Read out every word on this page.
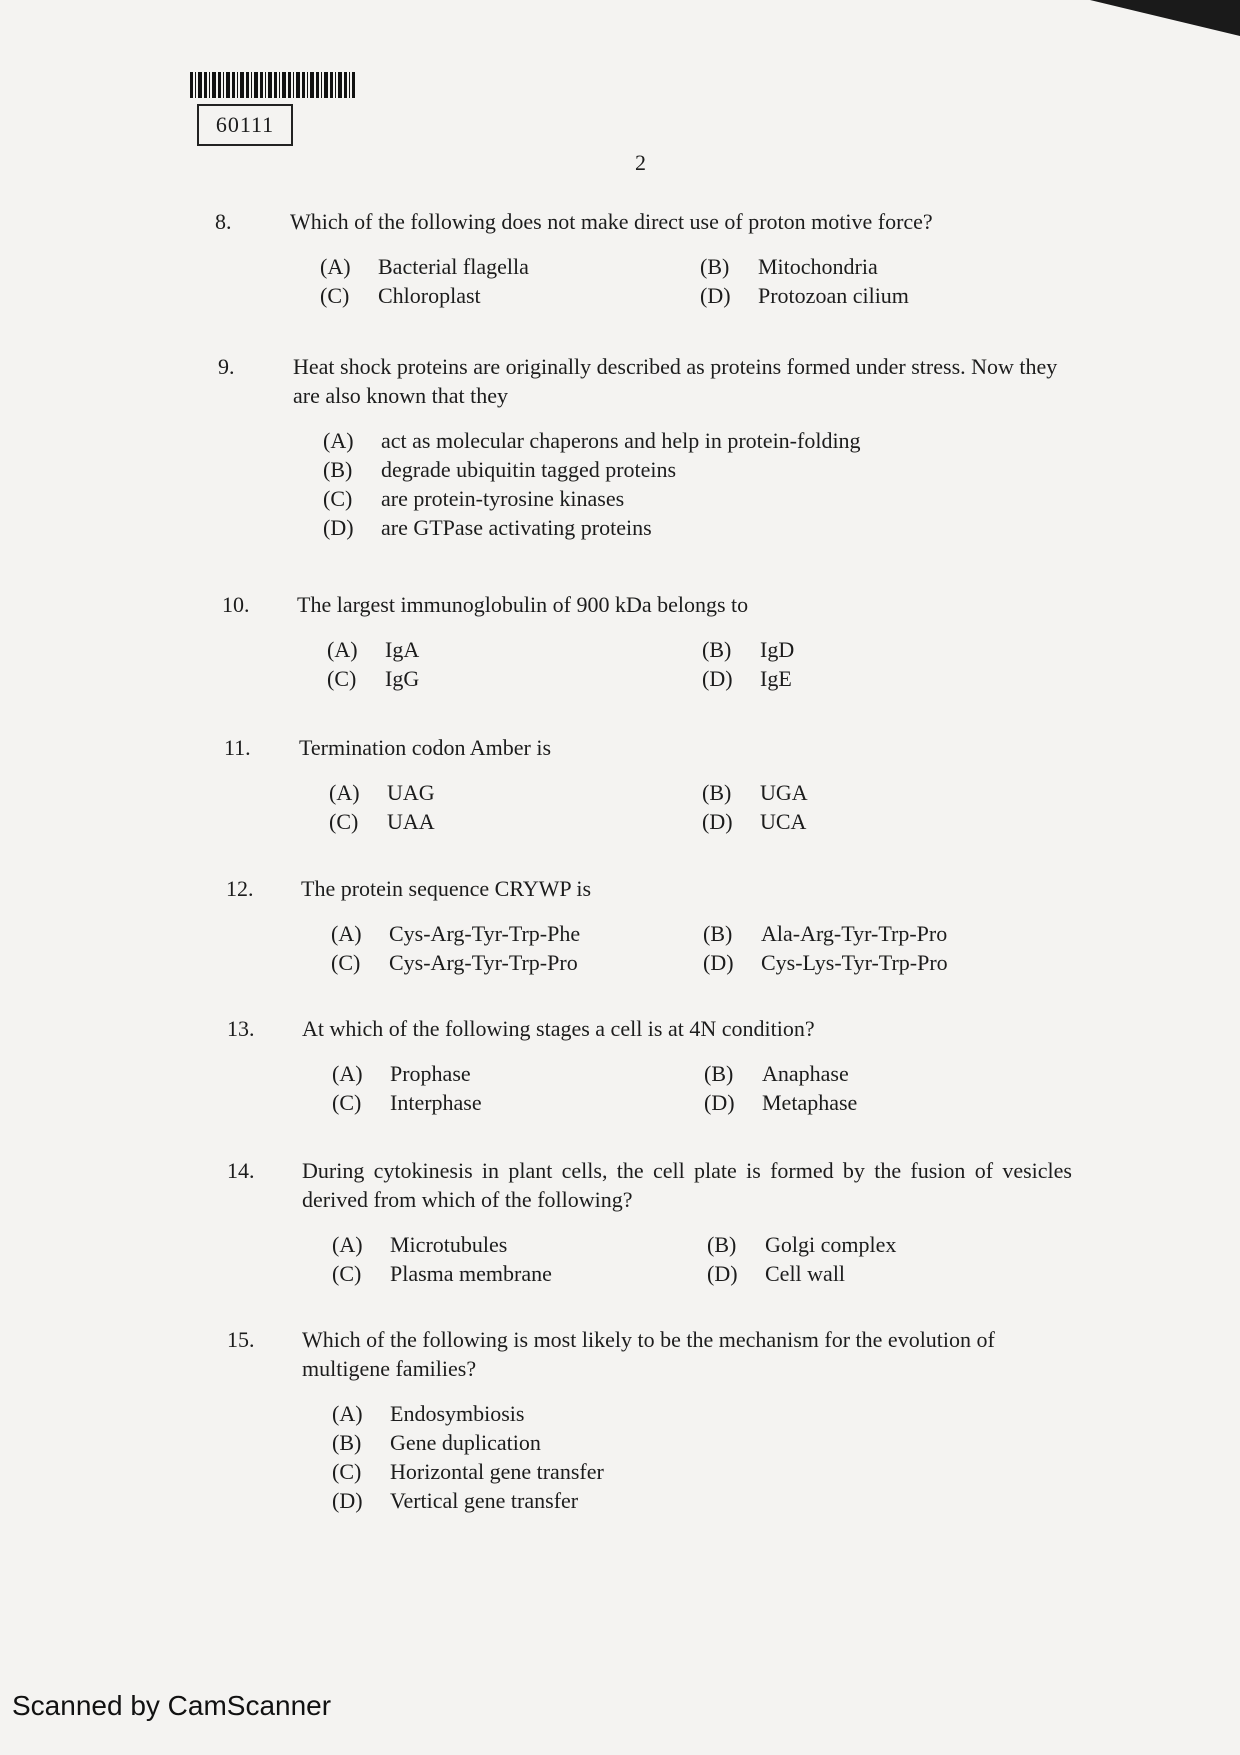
60111
2
8.	Which of the following does not make direct use of proton motive force?
(A) Bacterial flagella	(B) Mitochondria
(C) Chloroplast	(D) Protozoan cilium
9.	Heat shock proteins are originally described as proteins formed under stress. Now they are also known that they
(A) act as molecular chaperons and help in protein-folding
(B) degrade ubiquitin tagged proteins
(C) are protein-tyrosine kinases
(D) are GTPase activating proteins
10. The largest immunoglobulin of 900 kDa belongs to
(A) IgA	(B) IgD
(C) IgG	(D) IgE
11. Termination codon Amber is
(A) UAG	(B) UGA
(C) UAA	(D) UCA
12. The protein sequence CRYWP is
(A) Cys-Arg-Tyr-Trp-Phe	(B) Ala-Arg-Tyr-Trp-Pro
(C) Cys-Arg-Tyr-Trp-Pro	(D) Cys-Lys-Tyr-Trp-Pro
13. At which of the following stages a cell is at 4N condition?
(A) Prophase	(B) Anaphase
(C) Interphase	(D) Metaphase
14. During cytokinesis in plant cells, the cell plate is formed by the fusion of vesicles derived from which of the following?
(A) Microtubules	(B) Golgi complex
(C) Plasma membrane	(D) Cell wall
15. Which of the following is most likely to be the mechanism for the evolution of multigene families?
(A) Endosymbiosis
(B) Gene duplication
(C) Horizontal gene transfer
(D) Vertical gene transfer
Scanned by CamScanner
